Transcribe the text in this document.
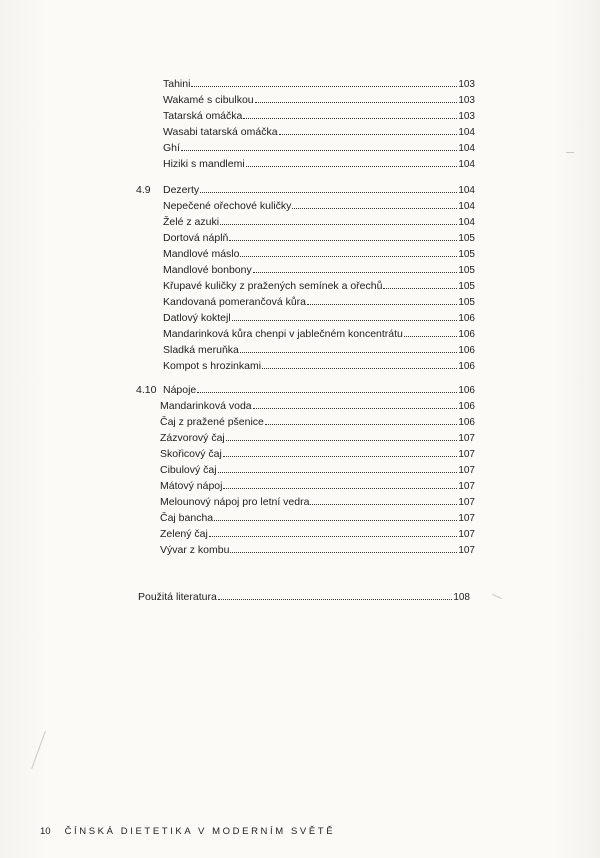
Tahini	103
Wakamé s cibulkou	103
Tatarská omáčka	103
Wasabi tatarská omáčka	104
Ghí	104
Hiziki s mandlemi	104
4.9 Dezerty	104
Nepečené ořechové kuličky	104
Želé z azuki	104
Dortová náplň	105
Mandlové máslo	105
Mandlové bonbony	105
Křupavé kuličky z pražených semínek a ořechů	105
Kandovaná pomerančová kůra	105
Datlový koktejl	106
Mandarinková kůra chenpi v jablečném koncentrátu	106
Sladká meruňka	106
Kompot s hrozinkami	106
4.10 Nápoje	106
Mandarinková voda	106
Čaj z pražené pšenice	106
Zázvorový čaj	107
Skořicový čaj	107
Cibulový čaj	107
Mátový nápoj	107
Melounový nápoj pro letní vedra	107
Čaj bancha	107
Zelený čaj	107
Vývar z kombu	107
Použitá literatura	108
10 ČÍNSKÁ DIETETIKA V MODERNÍM SVĚTĚ
